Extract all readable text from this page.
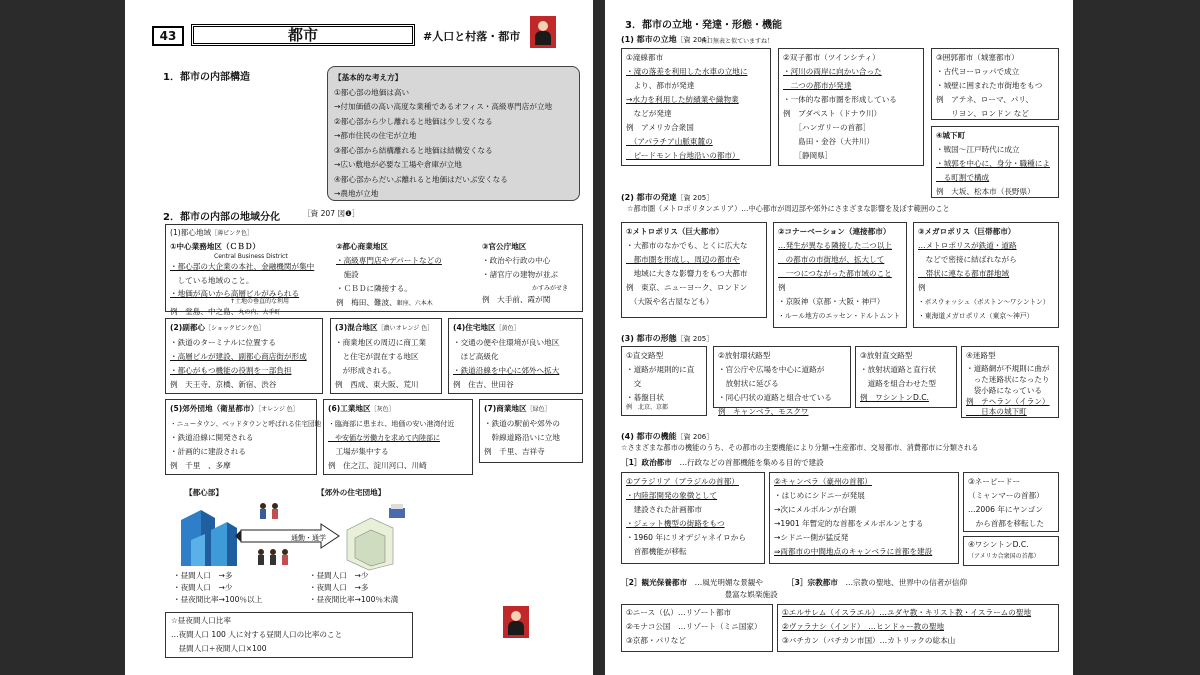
43	都市	#人口と村落・都市
1．都市の内部構造	【基本的な考え方】
①都心部の地価は高い
→付加価値の高い高度な業種であるオフィス・高級専門店が立地
②都心部から少し離れると地価は少し安くなる
→都市住民の住宅が立地
③都心部から結構離れると地価は結構安くなる
→広い敷地が必要な工場や倉庫が立地
④都心部からだいぶ離れると地価はだいぶ安くなる
→農地が立地
2．都市の内部の地域分化	［資 207 図❶］
(1)都心地域［薄ピンク色］
①中心業務地区（ＣＢＤ）
Central Business District
・都心部の大企業の本社、金融機関が集中
　している地域のこと。
・地価が高いから高層ビルがみられる
↑土地の垂直的な利用
例　堂島、中之島、丸の内、大手町
②都心商業地区
・高級専門店やデパートなどの
　施設
・ＣＢＤに隣接する。
例　梅田、難波、銀座、六本木
③官公庁地区
・政治や行政の中心
・諸官庁の建物が並ぶ
かすみがせき
例　大手前、霞が関
(2)副都心［ショックピンク色］
・鉄道のターミナルに位置する
・高層ビルが建設、副都心商店街が形成
・都心がもつ機能の役割を一部負担
例　天王寺、京橋、新宿、渋谷
(3)混合地区［濃いオレンジ 色］
・商業地区の周辺に商工業
　と住宅が混在する地区
　が形成される。
例　西成、東大阪、荒川
(4)住宅地区［黄色］
・交通の便や住環境が良い地区
　ほど高級化
・鉄道沿線を中心に郊外へ拡大
例　住吉、世田谷
(5)郊外団地（衛星都市）［オレンジ 色］
・ニュータウン、ベッドタウンと呼ばれる住宅団地
・鉄道沿線に開発される
・計画的に建設される
例　千里　、多摩
(6)工業地区［灰色］
・臨海部に患まれ、地価の安い港湾付近
　や安価な労働力を求めて内陸部に
　工場が集中する
例　住之江、淀川河口、川崎
(7)商業地区［緑色］
・鉄道の駅前や郊外の
　幹線道路沿いに立地
例　千里、吉祥寺
【都心部】	【郊外の住宅団地】
通勤・通学
・昼間人口　→多
・夜間人口　→少
・昼夜間比率→100％以上
・昼間人口　→少
・夜間人口　→多
・昼夜間比率→100％未満
☆昼夜間人口比率
…夜間人口 100 人に対する昼間人口の比率のこと
　昼間人口÷夜間人口×100
3．都市の立地・発達・形態・機能
(1) 都市の立地［資 204］
谷口無表と似ていますね！
①滝線都市
・滝の落差を利用した水車の立地に
　より、都市が発達
→水力を利用した紡績業や織物業
　などが発達
例　アメリカ合衆国
　（アパラチア山脈東麓の
　ピードモント台地沿いの都市）
②双子都市（ツインシティ）
・河川の両岸に向かい合った
　二つの都市が発達
・一体的な都市圏を形成している
例　ブダペスト（ドナウ川）
　　［ハンガリーの首都］
　　島田・金谷（大井川）
　　［静岡県］
③囲郭都市（城塞都市）
・古代ヨーロッパで成立
・城壁に囲まれた市街地をもつ
例　アテネ、ローマ、パリ、
　　リヨン、ロンドン など
④城下町
・戦国～江戸時代に成立
・城郭を中心に、身分・職種によ
　る町割で構成
例　大坂、松本市（長野県）
(2) 都市の発達［資 205］
☆都市圏（メトロポリタンエリア）…中心都市が周辺部や郊外にさまざまな影響を及ぼす範囲のこと
①メトロポリス（巨大都市）
・大都市のなかでも、とくに広大な
　都市圏を形成し、周辺の都市や
　地域に大きな影響力をもつ大都市
例　東京、ニューヨーク、ロンドン
　（大阪や名古屋なども）
②コナーベーション（連接都市）
…発生が異なる隣接した二つ以上
　の都市の市街地が、拡大して
　一つにつながった都市域のこと
例
・京阪神（京都・大阪・神戸）
・ルール地方のエッセン・ドルトムント
③メガロポリス（巨帯都市）
…メトロポリスが鉄道・道路
　などで密接に結ばれながら
　帯状に連なる都市群地域
例
・ボスウォッシュ（ボストン～ワシントン）
・東海道メガロポリス（東京～神戸）
(3) 都市の形態［資 205］
①直交路型
・道路が規則的に直
　交
・碁盤目状
例　北京、京都
②放射環状路型
・官公庁や広場を中心に道路が
　放射状に延びる
・同心円状の道路と組合せている
例　キャンベラ、モスクワ
③放射直交路型
・放射状道路と直行状
　道路を組合わせた型
例　ワシントンD.C.
④迷路型
・道路網が不規則に曲が
　った迷路状になったり
　袋小路になっている
例　テヘラン（イラン）
　　日本の城下町
(4) 都市の機能［資 206］
☆さまざまな都市の機能のうち、その都市の主要機能により分類→生産都市、交易都市、消費都市に分類される
［1］政治都市　 …行政などの首都機能を集める目的で建設
①ブラジリア（ブラジルの首都）
・内陸部開発の象徴として
　建設された計画都市
・ジェット機型の街路をもつ
・1960 年にリオデジャネイロから
　首都機能が移転
②キャンベラ（豪州の首都）
・はじめにシドニーが発展
→次にメルボルンが台頭
→1901 年暫定的な首都をメルボルンとする
→シドニー側が猛反発
⇒両都市の中間地点のキャンベラに首都を建設
③ネーピードー
（ミャンマーの首都）
…2006 年にヤンゴン
　から首都を移転した
④ワシントンD.C.
（アメリカ合衆国の首都）
［2］観光保養都市　 …風光明媚な景観や
　豊富な娯楽施設
［3］宗教都市　 …宗教の聖地、世界中の信者が信仰
①ニース（仏）…リゾート都市
②モナコ公国　…リゾート（ミニ国家）
③京都・パリなど
①エルサレム（イスラエル）…ユダヤ教・キリスト教・イスラームの聖地
②ヴァラナシ（インド）　…ヒンドゥー教の聖地
③バチカン（バチカン市国）…カトリックの総本山
